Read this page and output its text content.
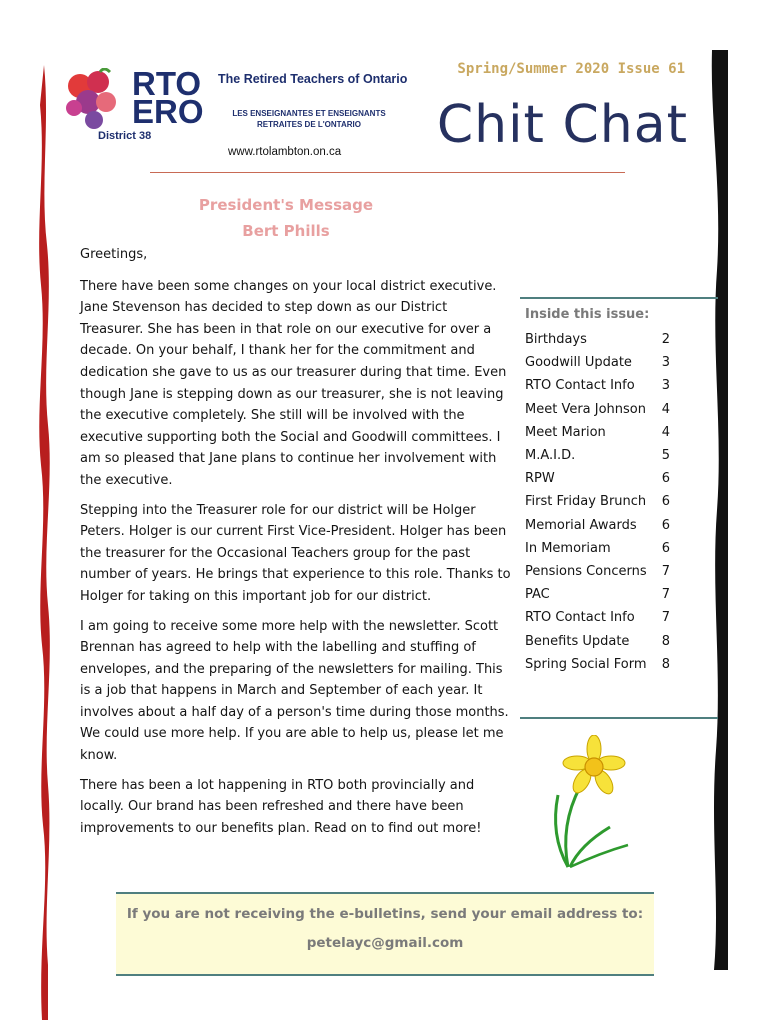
RTO
ERO
District 38
The Retired Teachers of Ontario
LES ENSEIGNANTES ET ENSEIGNANTS
RETRAITES DE L'ONTARIO
www.rtolambton.on.ca
Spring/Summer 2020 Issue 61
Chit Chat
President's Message
Bert Phills

Greetings,

There have been some changes on your local district executive. Jane Stevenson has decided to step down as our District Treasurer. She has been in that role on our executive for over a decade. On your behalf, I thank her for the commitment and dedication she gave to us as our treasurer during that time. Even though Jane is stepping down as our treasurer, she is not leaving the executive completely. She still will be involved with the executive supporting both the Social and Goodwill committees. I am so pleased that Jane plans to continue her involvement with the executive.

Stepping into the Treasurer role for our district will be Holger Peters. Holger is our current First Vice-President. Holger has been the treasurer for the Occasional Teachers group for the past number of years. He brings that experience to this role. Thanks to Holger for taking on this important job for our district.

I am going to receive some more help with the newsletter. Scott Brennan has agreed to help with the labelling and stuffing of envelopes, and the preparing of the newsletters for mailing. This is a job that happens in March and September of each year. It involves about a half day of a person's time during those months. We could use more help. If you are able to help us, please let me know.

There has been a lot happening in RTO both provincially and locally. Our brand has been refreshed and there have been improvements to our benefits plan. Read on to find out more!

Inside this issue:
Birthdays	2
Goodwill Update 3
RTO Contact Info 3
Meet Vera Johnson 4
Meet Marion	4
M.A.I.D.	5
RPW	6
First Friday Brunch 6
Memorial Awards 6
In Memoriam	6
Pensions Concerns 7
PAC	7
RTO Contact Info 7
Benefits Update 8
Spring Social Form 8
If you are not receiving the e-bulletins, send your email address to:
petelayc@gmail.com
